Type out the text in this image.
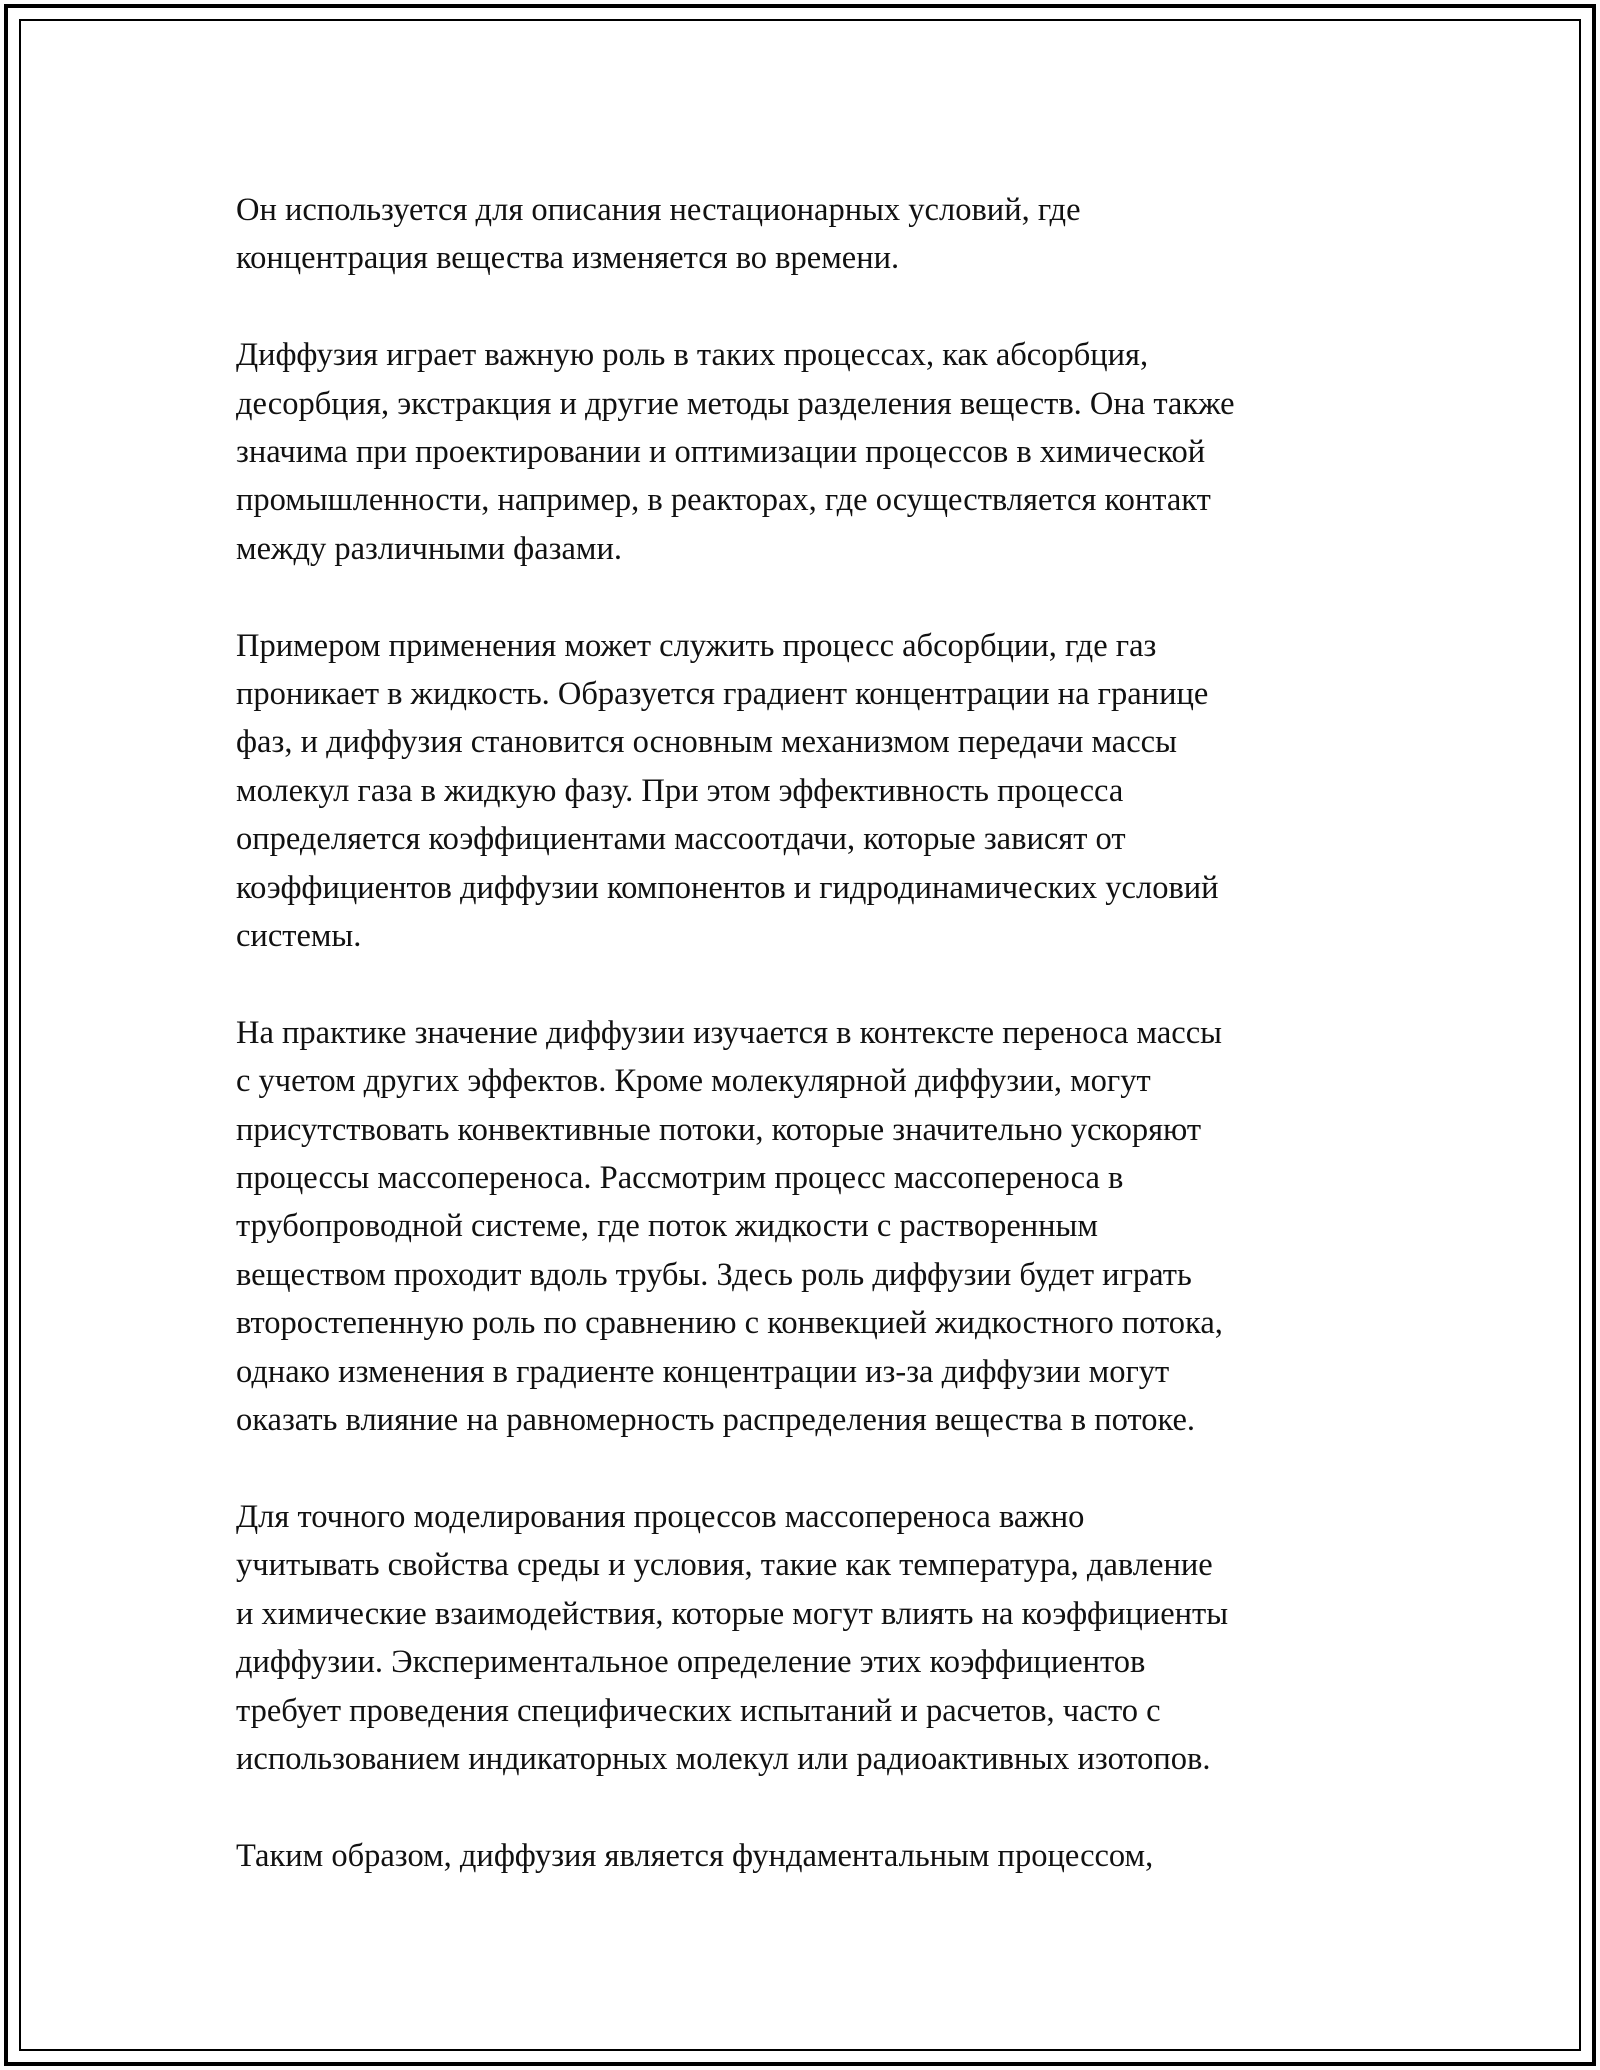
Он используется для описания нестационарных условий, где
концентрация вещества изменяется во времени.

Диффузия играет важную роль в таких процессах, как абсорбция,
десорбция, экстракция и другие методы разделения веществ. Она также
значима при проектировании и оптимизации процессов в химической
промышленности, например, в реакторах, где осуществляется контакт
между различными фазами.

Примером применения может служить процесс абсорбции, где газ
проникает в жидкость. Образуется градиент концентрации на границе
фаз, и диффузия становится основным механизмом передачи массы
молекул газа в жидкую фазу. При этом эффективность процесса
определяется коэффициентами массоотдачи, которые зависят от
коэффициентов диффузии компонентов и гидродинамических условий
системы.

На практике значение диффузии изучается в контексте переноса массы
с учетом других эффектов. Кроме молекулярной диффузии, могут
присутствовать конвективные потоки, которые значительно ускоряют
процессы массопереноса. Рассмотрим процесс массопереноса в
трубопроводной системе, где поток жидкости с растворенным
веществом проходит вдоль трубы. Здесь роль диффузии будет играть
второстепенную роль по сравнению с конвекцией жидкостного потока,
однако изменения в градиенте концентрации из-за диффузии могут
оказать влияние на равномерность распределения вещества в потоке.

Для точного моделирования процессов массопереноса важно
учитывать свойства среды и условия, такие как температура, давление
и химические взаимодействия, которые могут влиять на коэффициенты
диффузии. Экспериментальное определение этих коэффициентов
требует проведения специфических испытаний и расчетов, часто с
использованием индикаторных молекул или радиоактивных изотопов.

Таким образом, диффузия является фундаментальным процессом,
